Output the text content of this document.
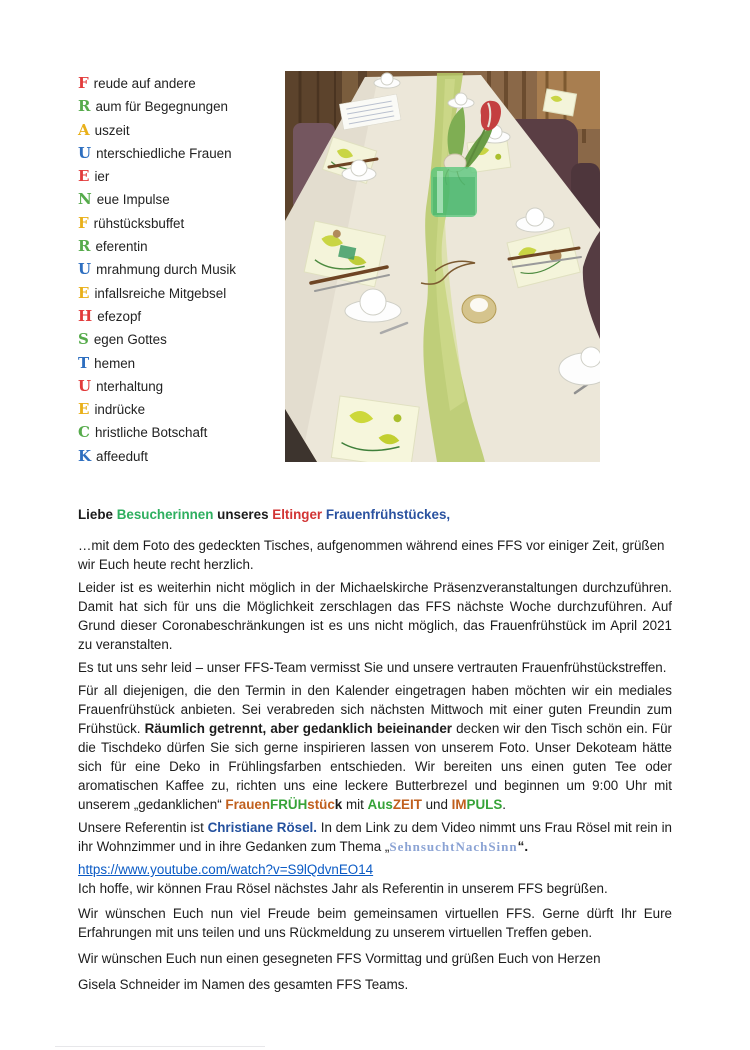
F reude auf andere
R aum für Begegnungen
A uszeit
U nterschiedliche Frauen
E ier
N eue Impulse
F rühstücksbuffet
R eferentin
U mrahmung durch Musik
E infallsreiche Mitgebsel
H efezopf
S egen Gottes
T hemen
U nterhaltung
E indrücke
C hristliche Botschaft
K affeeduft

Liebe Besucherinnen unseres Eltinger Frauenfrühstückes,

…mit dem Foto des gedeckten Tisches, aufgenommen während eines FFS vor einiger Zeit, grüßen wir Euch heute recht herzlich.

Leider ist es weiterhin nicht möglich in der Michaelskirche Präsenzveranstaltungen durchzuführen. Damit hat sich für uns die Möglichkeit zerschlagen das FFS nächste Woche durchzuführen. Auf Grund dieser Coronabeschränkungen ist es uns nicht möglich, das Frauenfrühstück im April 2021 zu veranstalten.

Es tut uns sehr leid – unser FFS-Team vermisst Sie und unsere vertrauten Frauenfrühstückstreffen.

Für all diejenigen, die den Termin in den Kalender eingetragen haben möchten wir ein mediales Frauenfrühstück anbieten. Sei verabreden sich nächsten Mittwoch mit einer guten Freundin zum Frühstück. Räumlich getrennt, aber gedanklich beieinander decken wir den Tisch schön ein. Für die Tischdeko dürfen Sie sich gerne inspirieren lassen von unserem Foto. Unser Dekoteam hätte sich für eine Deko in Frühlingsfarben entschieden. Wir bereiten uns einen guten Tee oder aromatischen Kaffee zu, richten uns eine leckere Butterbrezel und beginnen um 9:00 Uhr mit unserem „gedanklichen“ FrauenFRÜHstück mit AusZEIT und IMPULS.

Unsere Referentin ist Christiane Rösel. In dem Link zu dem Video nimmt uns Frau Rösel mit rein in ihr Wohnzimmer und in ihre Gedanken zum Thema „SehnsuchtNachSinn“.

https://www.youtube.com/watch?v=S9lQdvnEO14

Ich hoffe, wir können Frau Rösel nächstes Jahr als Referentin in unserem FFS begrüßen.

Wir wünschen Euch nun viel Freude beim gemeinsamen virtuellen FFS. Gerne dürft Ihr Eure Erfahrungen mit uns teilen und uns Rückmeldung zu unserem virtuellen Treffen geben.

Wir wünschen Euch nun einen gesegneten FFS Vormittag und grüßen Euch von Herzen

Gisela Schneider im Namen des gesamten FFS Teams.
